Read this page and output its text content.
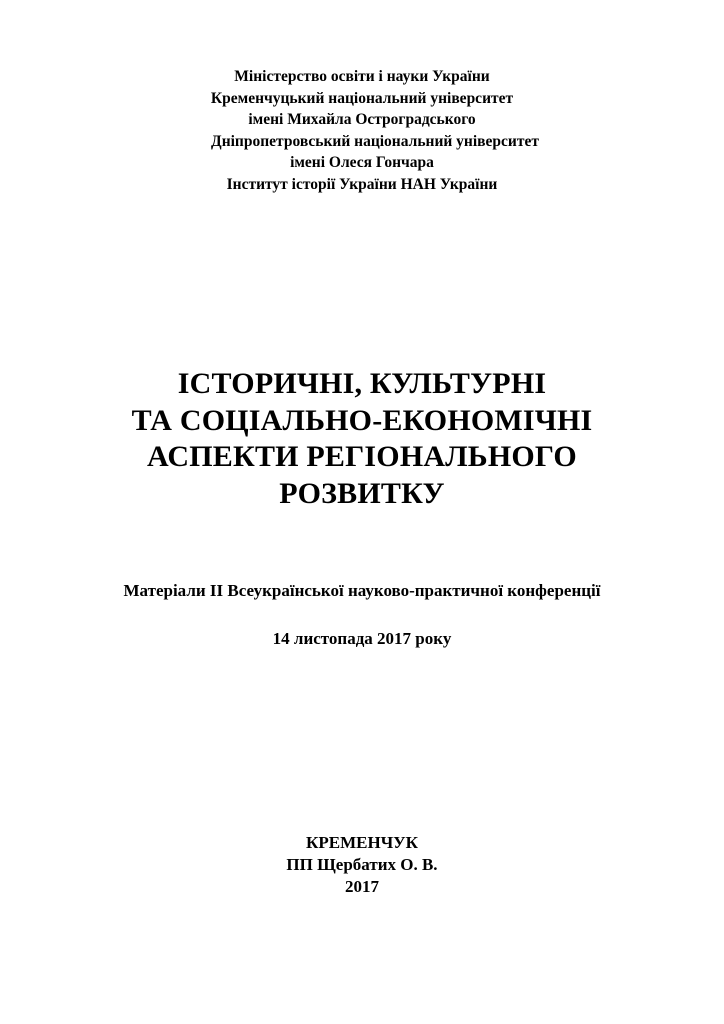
Міністерство освіти і науки України
Кременчуцький національний університет
імені Михайла Остроградського
Дніпропетровський національний університет
імені Олеся Гончара
Інститут історії України НАН України
ІСТОРИЧНІ, КУЛЬТУРНІ
ТА СОЦІАЛЬНО-ЕКОНОМІЧНІ
АСПЕКТИ РЕГІОНАЛЬНОГО
РОЗВИТКУ
Матеріали ІІ Всеукраїнської науково-практичної конференції
14 листопада 2017 року
КРЕМЕНЧУК
ПП Щербатих О. В.
2017
